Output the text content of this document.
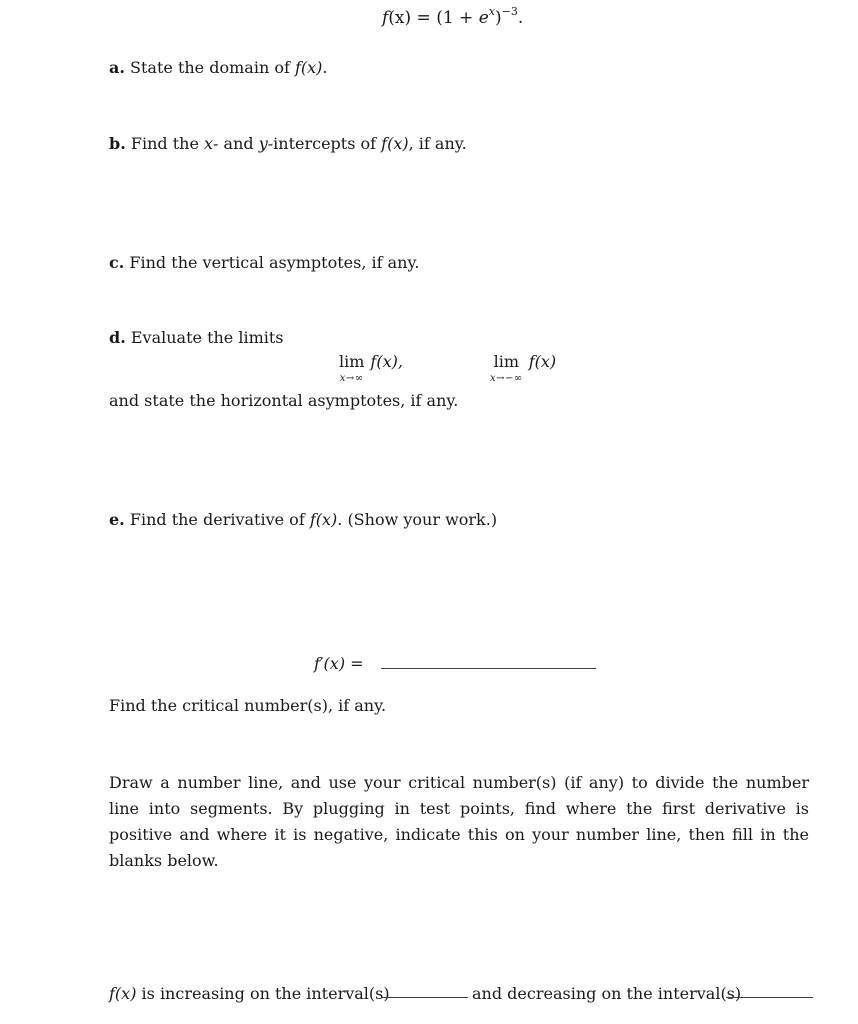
$f(x) = (1 + e^x)^{-3}$.
a. State the domain of f(x).
b. Find the x- and y-intercepts of f(x), if any.
c. Find the vertical asymptotes, if any.
d. Evaluate the limits
lim
x→∞
f(x),	lim
x→−∞
f(x)
and state the horizontal asymptotes, if any.
e. Find the derivative of f(x). (Show your work.)
f′(x) =
Find the critical number(s), if any.
Draw a number line, and use your critical number(s) (if any) to divide the number line into segments. By plugging in test points, find where the first derivative is positive and where it is negative, indicate this on your number line, then fill in the blanks below.
f(x) is increasing on the interval(s)	and decreasing on the interval(s)
